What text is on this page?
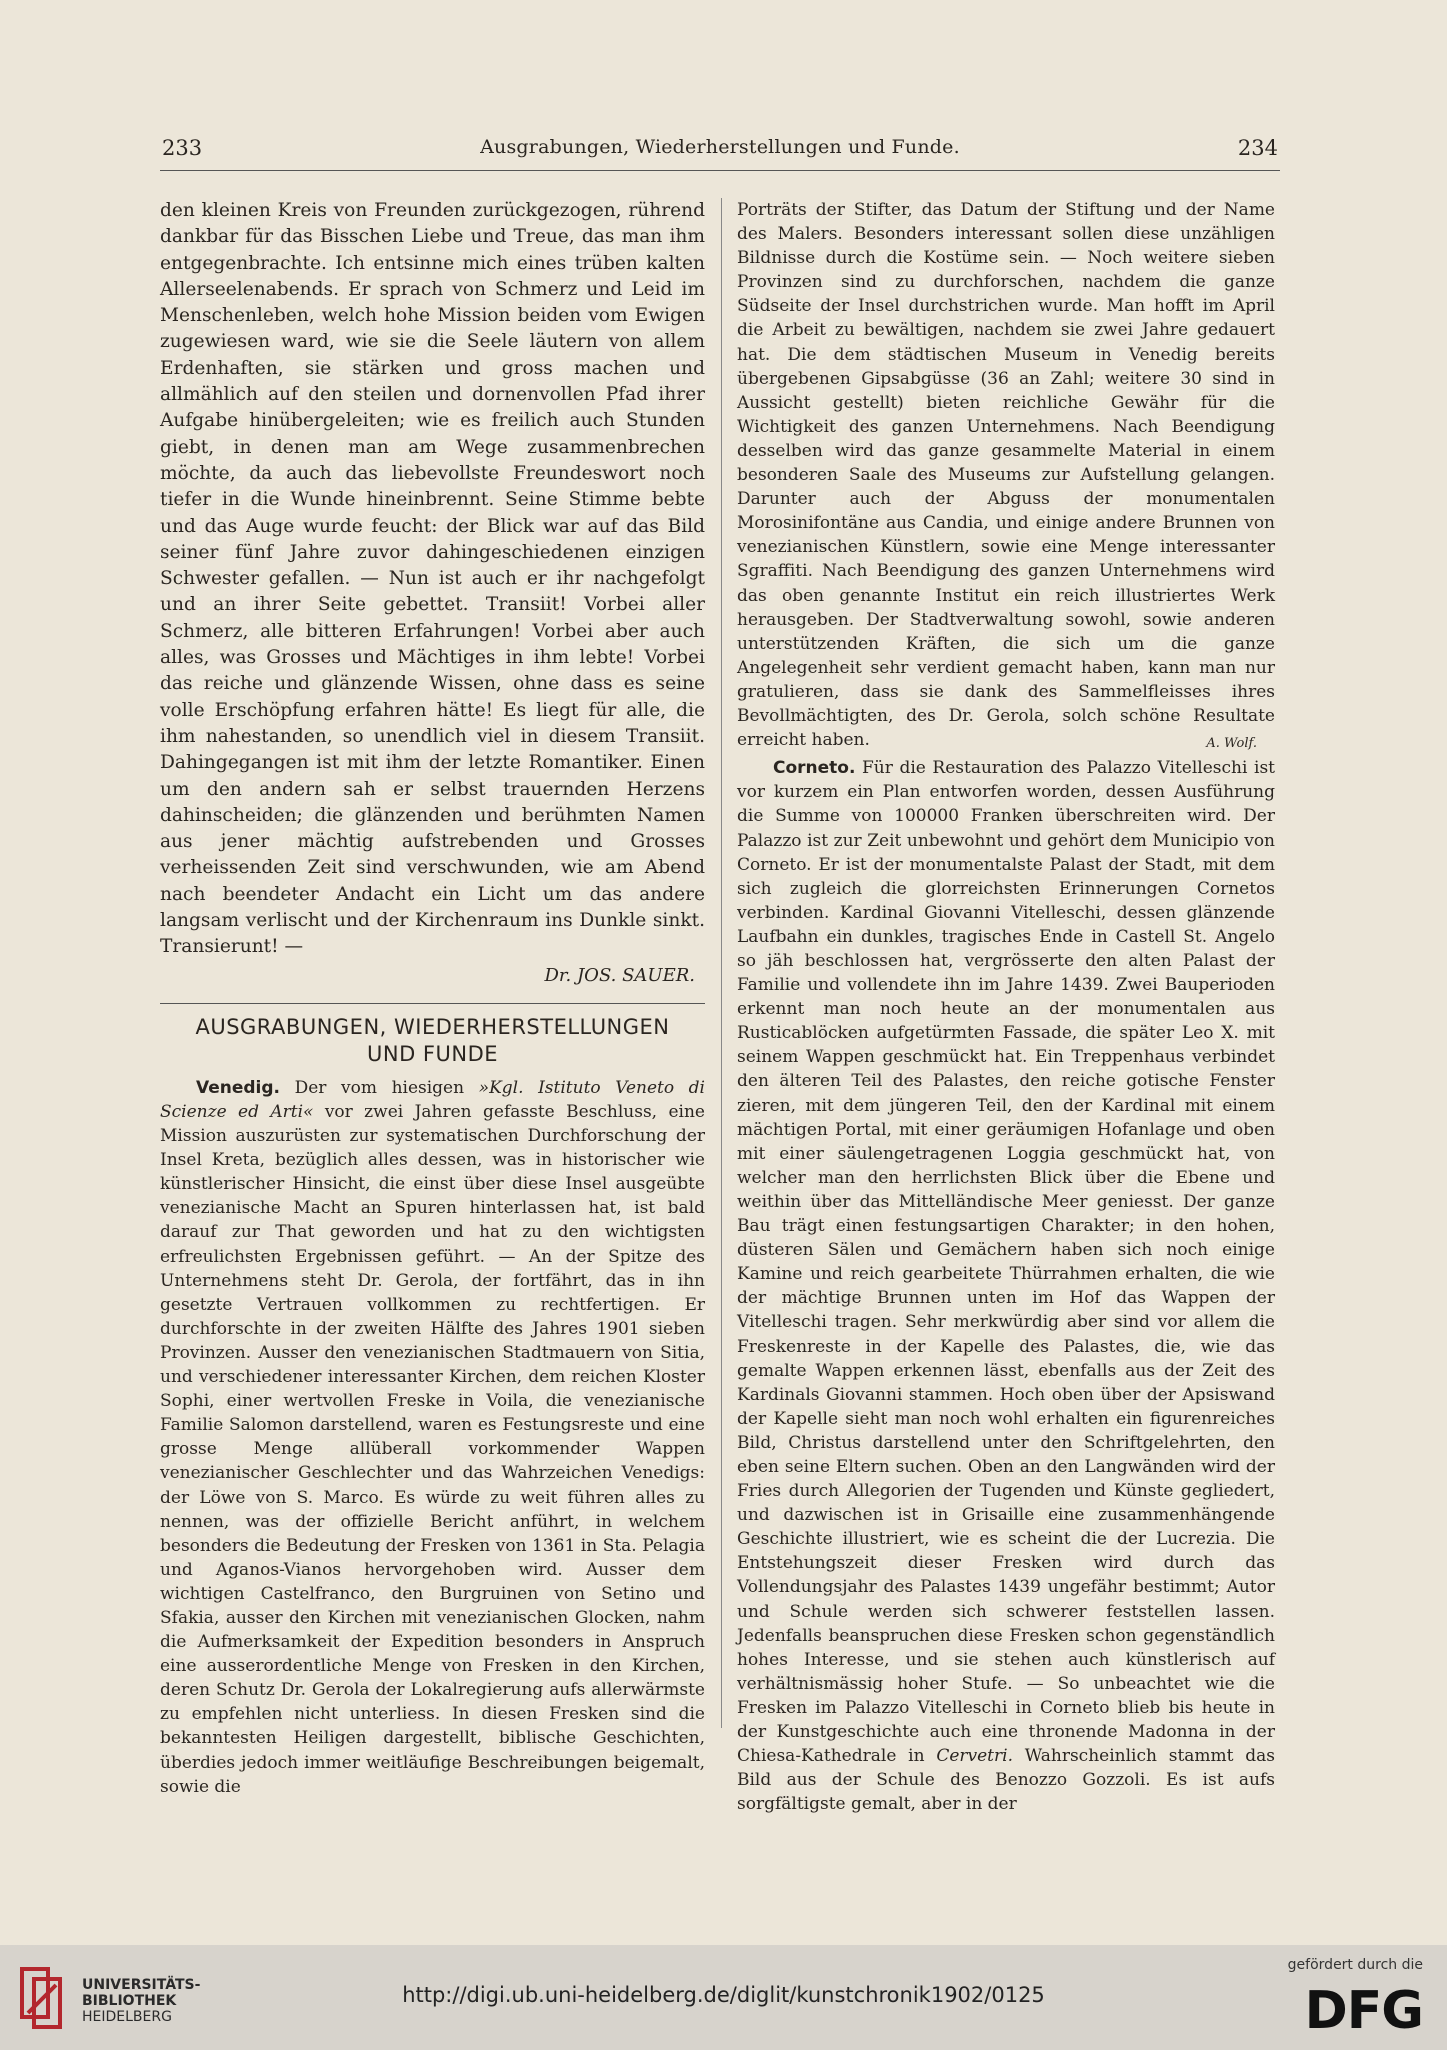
233	Ausgrabungen, Wiederherstellungen und Funde.	234

den kleinen Kreis von Freunden zurückgezogen, rührend dankbar für das Bisschen Liebe und Treue, das man ihm entgegenbrachte. Ich entsinne mich eines trüben kalten Allerseelenabends. Er sprach von Schmerz und Leid im Menschenleben, welch hohe Mission beiden vom Ewigen zugewiesen ward, wie sie die Seele läutern von allem Erdenhaften, sie stärken und gross machen und allmählich auf den steilen und dornenvollen Pfad ihrer Aufgabe hinübergeleiten; wie es freilich auch Stunden giebt, in denen man am Wege zusammenbrechen möchte, da auch das liebevollste Freundeswort noch tiefer in die Wunde hineinbrennt. Seine Stimme bebte und das Auge wurde feucht: der Blick war auf das Bild seiner fünf Jahre zuvor dahingeschiedenen einzigen Schwester gefallen. — Nun ist auch er ihr nachgefolgt und an ihrer Seite gebettet. Transiit! Vorbei aller Schmerz, alle bitteren Erfahrungen! Vorbei aber auch alles, was Grosses und Mächtiges in ihm lebte! Vorbei das reiche und glänzende Wissen, ohne dass es seine volle Erschöpfung erfahren hätte! Es liegt für alle, die ihm nahestanden, so unendlich viel in diesem Transiit. Dahingegangen ist mit ihm der letzte Romantiker. Einen um den andern sah er selbst trauernden Herzens dahinscheiden; die glänzenden und berühmten Namen aus jener mächtig aufstrebenden und Grosses verheissenden Zeit sind verschwunden, wie am Abend nach beendeter Andacht ein Licht um das andere langsam verlischt und der Kirchenraum ins Dunkle sinkt. Transierunt! —

Dr. JOS. SAUER.
AUSGRABUNGEN, WIEDERHERSTELLUNGEN
UND FUNDE

Venedig. Der vom hiesigen »Kgl. Istituto Veneto di Scienze ed Arti« vor zwei Jahren gefasste Beschluss, eine Mission auszurüsten zur systematischen Durchforschung der Insel Kreta, bezüglich alles dessen, was in historischer wie künstlerischer Hinsicht, die einst über diese Insel ausgeübte venezianische Macht an Spuren hinterlassen hat, ist bald darauf zur That geworden und hat zu den wichtigsten erfreulichsten Ergebnissen geführt. — An der Spitze des Unternehmens steht Dr. Gerola, der fortfährt, das in ihn gesetzte Vertrauen vollkommen zu rechtfertigen. Er durchforschte in der zweiten Hälfte des Jahres 1901 sieben Provinzen. Ausser den venezianischen Stadtmauern von Sitia, und verschiedener interessanter Kirchen, dem reichen Kloster Sophi, einer wertvollen Freske in Voila, die venezianische Familie Salomon darstellend, waren es Festungsreste und eine grosse Menge allüberall vorkommender Wappen venezianischer Geschlechter und das Wahrzeichen Venedigs: der Löwe von S. Marco. Es würde zu weit führen alles zu nennen, was der offizielle Bericht anführt, in welchem besonders die Bedeutung der Fresken von 1361 in Sta. Pelagia und Aganos-Vianos hervorgehoben wird. Ausser dem wichtigen Castelfranco, den Burgruinen von Setino und Sfakia, ausser den Kirchen mit venezianischen Glocken, nahm die Aufmerksamkeit der Expedition besonders in Anspruch eine ausserordentliche Menge von Fresken in den Kirchen, deren Schutz Dr. Gerola der Lokalregierung aufs allerwärmste zu empfehlen nicht unterliess. In diesen Fresken sind die bekanntesten Heiligen dargestellt, biblische Geschichten, überdies jedoch immer weitläufige Beschreibungen beigemalt, sowie die

Porträts der Stifter, das Datum der Stiftung und der Name des Malers. Besonders interessant sollen diese unzähligen Bildnisse durch die Kostüme sein. — Noch weitere sieben Provinzen sind zu durchforschen, nachdem die ganze Südseite der Insel durchstrichen wurde. Man hofft im April die Arbeit zu bewältigen, nachdem sie zwei Jahre gedauert hat. Die dem städtischen Museum in Venedig bereits übergebenen Gipsabgüsse (36 an Zahl; weitere 30 sind in Aussicht gestellt) bieten reichliche Gewähr für die Wichtigkeit des ganzen Unternehmens. Nach Beendigung desselben wird das ganze gesammelte Material in einem besonderen Saale des Museums zur Aufstellung gelangen. Darunter auch der Abguss der monumentalen Morosinifontäne aus Candia, und einige andere Brunnen von venezianischen Künstlern, sowie eine Menge interessanter Sgraffiti. Nach Beendigung des ganzen Unternehmens wird das oben genannte Institut ein reich illustriertes Werk herausgeben. Der Stadtverwaltung sowohl, sowie anderen unterstützenden Kräften, die sich um die ganze Angelegenheit sehr verdient gemacht haben, kann man nur gratulieren, dass sie dank des Sammelfleisses ihres Bevollmächtigten, des Dr. Gerola, solch schöne Resultate erreicht haben.	A. Wolf.

Corneto. Für die Restauration des Palazzo Vitelleschi ist vor kurzem ein Plan entworfen worden, dessen Ausführung die Summe von 100000 Franken überschreiten wird. Der Palazzo ist zur Zeit unbewohnt und gehört dem Municipio von Corneto. Er ist der monumentalste Palast der Stadt, mit dem sich zugleich die glorreichsten Erinnerungen Cornetos verbinden. Kardinal Giovanni Vitelleschi, dessen glänzende Laufbahn ein dunkles, tragisches Ende in Castell St. Angelo so jäh beschlossen hat, vergrösserte den alten Palast der Familie und vollendete ihn im Jahre 1439. Zwei Bauperioden erkennt man noch heute an der monumentalen aus Rusticablöcken aufgetürmten Fassade, die später Leo X. mit seinem Wappen geschmückt hat. Ein Treppenhaus verbindet den älteren Teil des Palastes, den reiche gotische Fenster zieren, mit dem jüngeren Teil, den der Kardinal mit einem mächtigen Portal, mit einer geräumigen Hofanlage und oben mit einer säulengetragenen Loggia geschmückt hat, von welcher man den herrlichsten Blick über die Ebene und weithin über das Mittelländische Meer geniesst. Der ganze Bau trägt einen festungsartigen Charakter; in den hohen, düsteren Sälen und Gemächern haben sich noch einige Kamine und reich gearbeitete Thürrahmen erhalten, die wie der mächtige Brunnen unten im Hof das Wappen der Vitelleschi tragen. Sehr merkwürdig aber sind vor allem die Freskenreste in der Kapelle des Palastes, die, wie das gemalte Wappen erkennen lässt, ebenfalls aus der Zeit des Kardinals Giovanni stammen. Hoch oben über der Apsiswand der Kapelle sieht man noch wohl erhalten ein figurenreiches Bild, Christus darstellend unter den Schriftgelehrten, den eben seine Eltern suchen. Oben an den Langwänden wird der Fries durch Allegorien der Tugenden und Künste gegliedert, und dazwischen ist in Grisaille eine zusammenhängende Geschichte illustriert, wie es scheint die der Lucrezia. Die Entstehungszeit dieser Fresken wird durch das Vollendungsjahr des Palastes 1439 ungefähr bestimmt; Autor und Schule werden sich schwerer feststellen lassen. Jedenfalls beanspruchen diese Fresken schon gegenständlich hohes Interesse, und sie stehen auch künstlerisch auf verhältnismässig hoher Stufe. — So unbeachtet wie die Fresken im Palazzo Vitelleschi in Corneto blieb bis heute in der Kunstgeschichte auch eine thronende Madonna in der Chiesa-Kathedrale in Cervetri. Wahrscheinlich stammt das Bild aus der Schule des Benozzo Gozzoli. Es ist aufs sorgfältigste gemalt, aber in der

UNIVERSITÄTS-
BIBLIOTHEK
HEIDELBERG
http://digi.ub.uni-heidelberg.de/diglit/kunstchronik1902/0125
gefördert durch die
DFG
